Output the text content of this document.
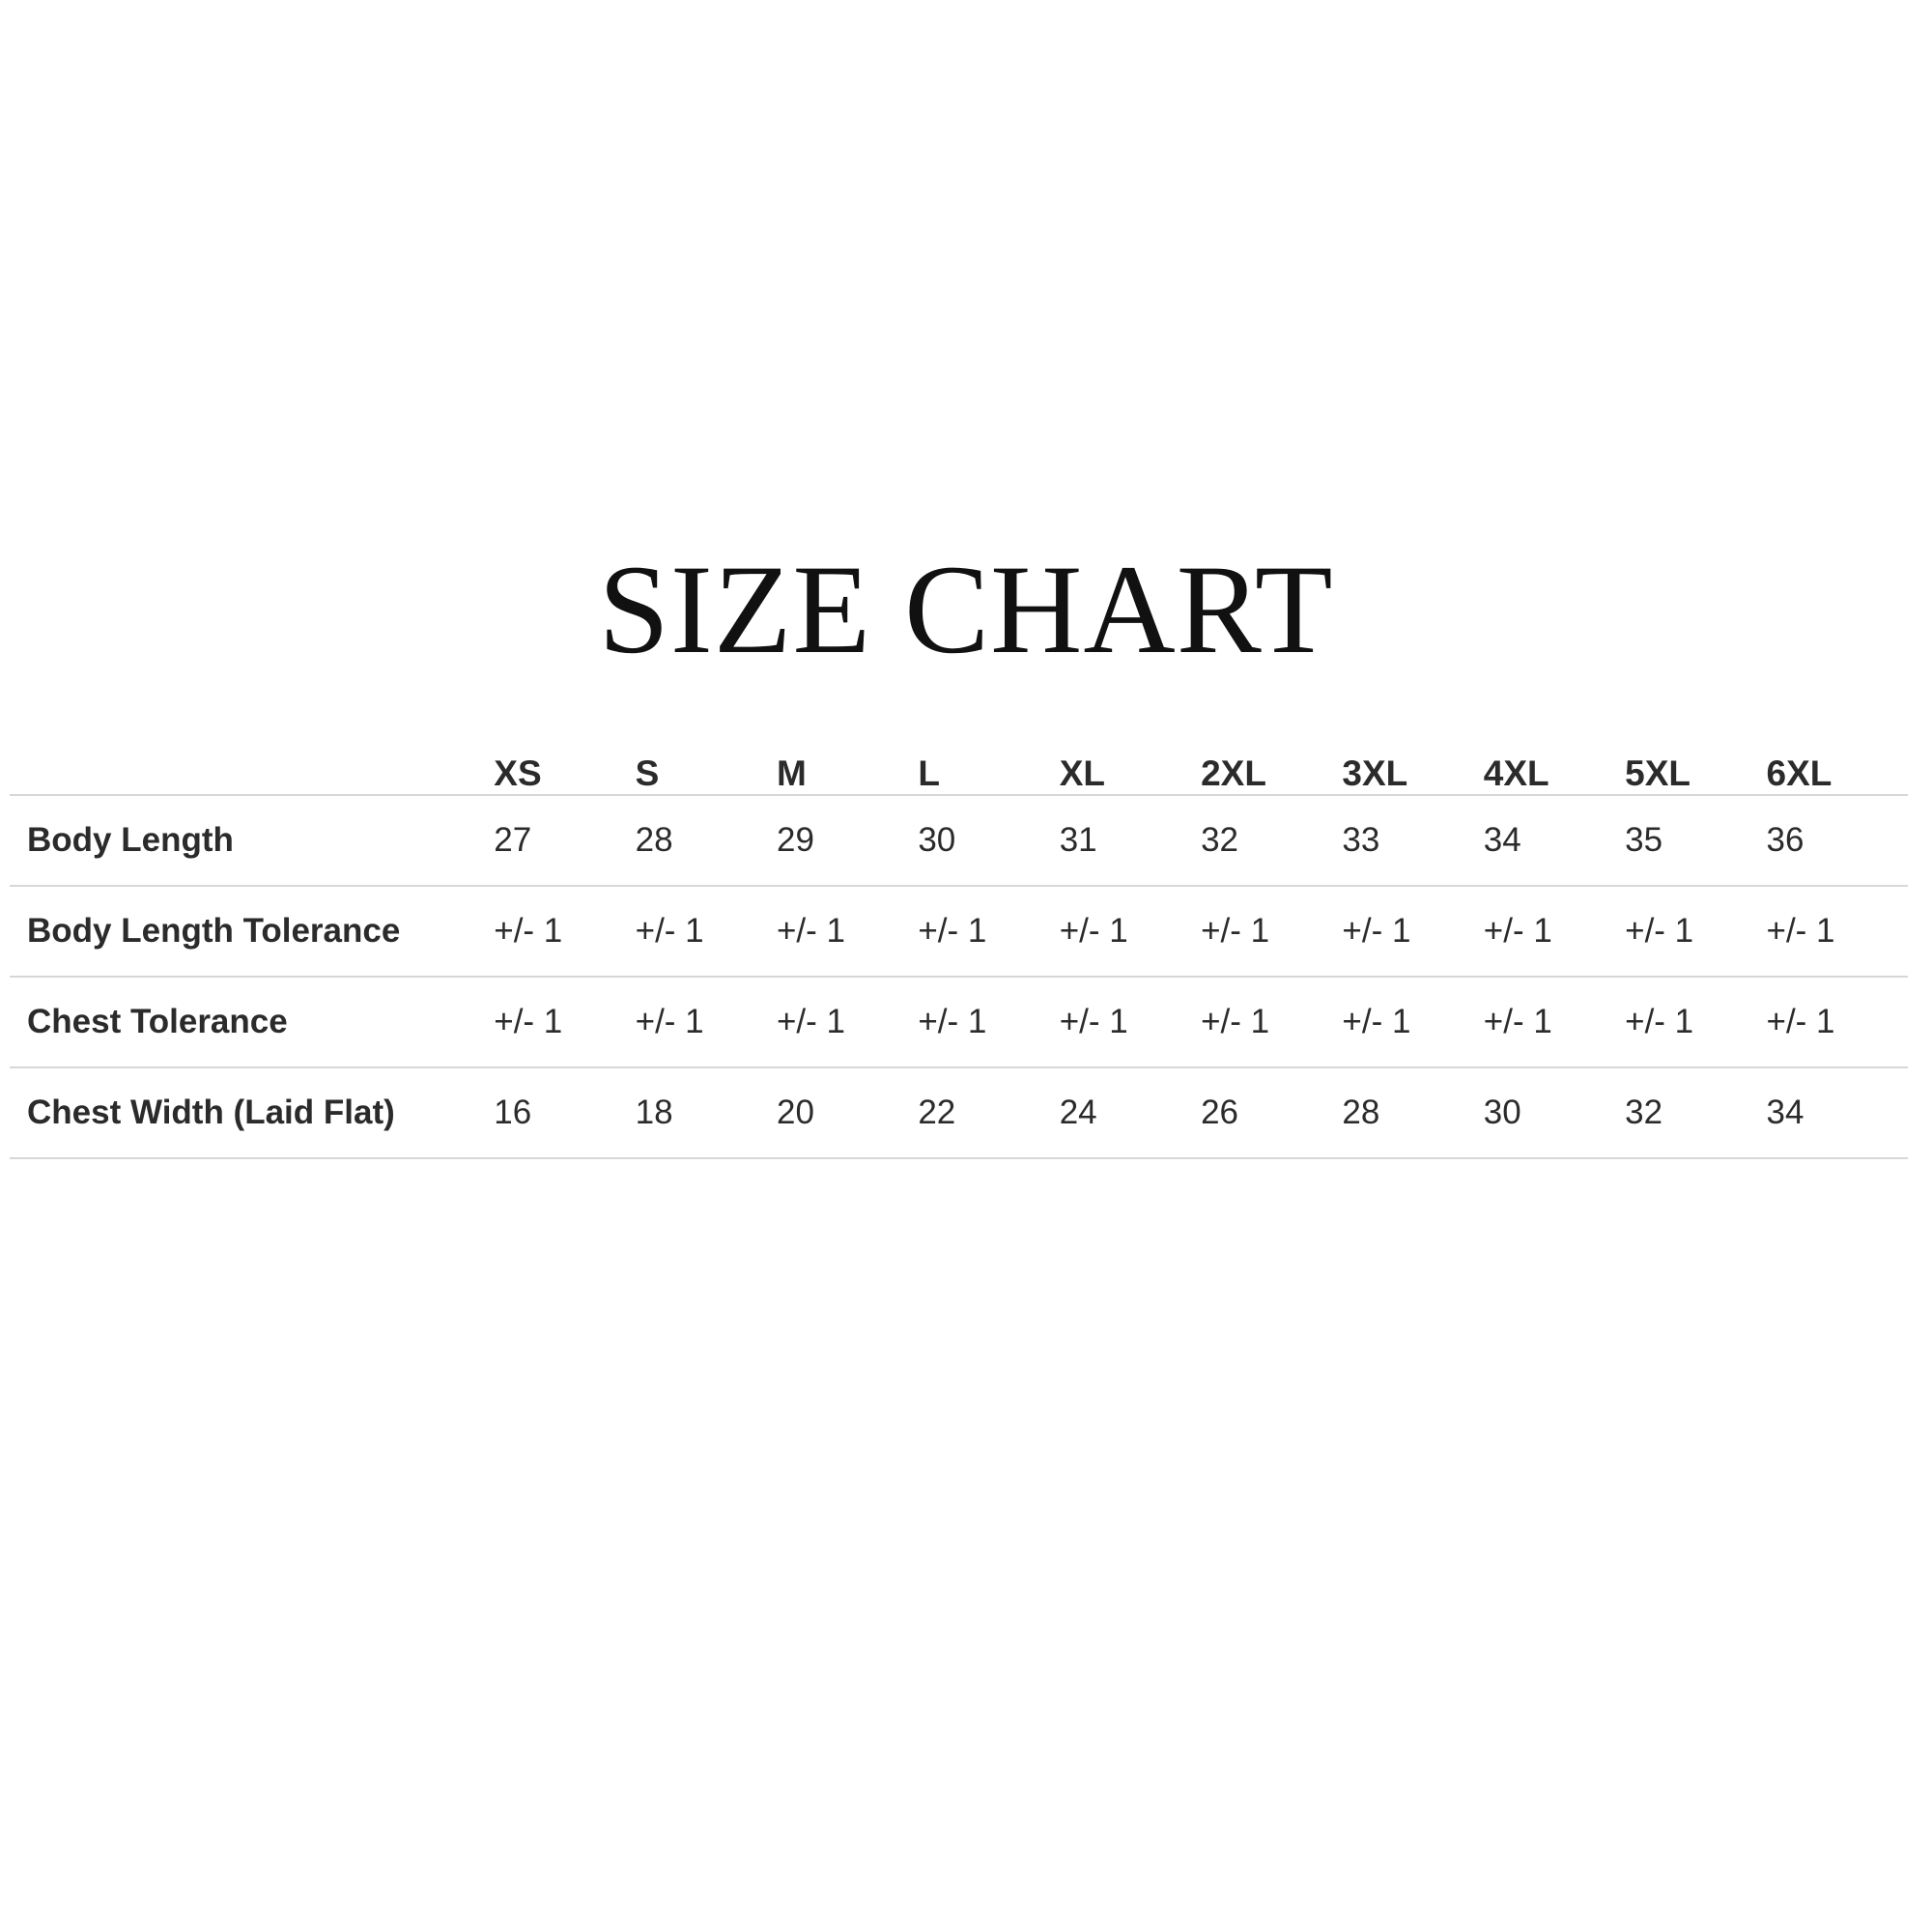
SIZE CHART
	XS	S	M	L	XL	2XL	3XL	4XL	5XL	6XL
Body Length	27	28	29	30	31	32	33	34	35	36
Body Length Tolerance	+/- 1	+/- 1	+/- 1	+/- 1	+/- 1	+/- 1	+/- 1	+/- 1	+/- 1	+/- 1
Chest Tolerance	+/- 1	+/- 1	+/- 1	+/- 1	+/- 1	+/- 1	+/- 1	+/- 1	+/- 1	+/- 1
Chest Width (Laid Flat)	16	18	20	22	24	26	28	30	32	34
